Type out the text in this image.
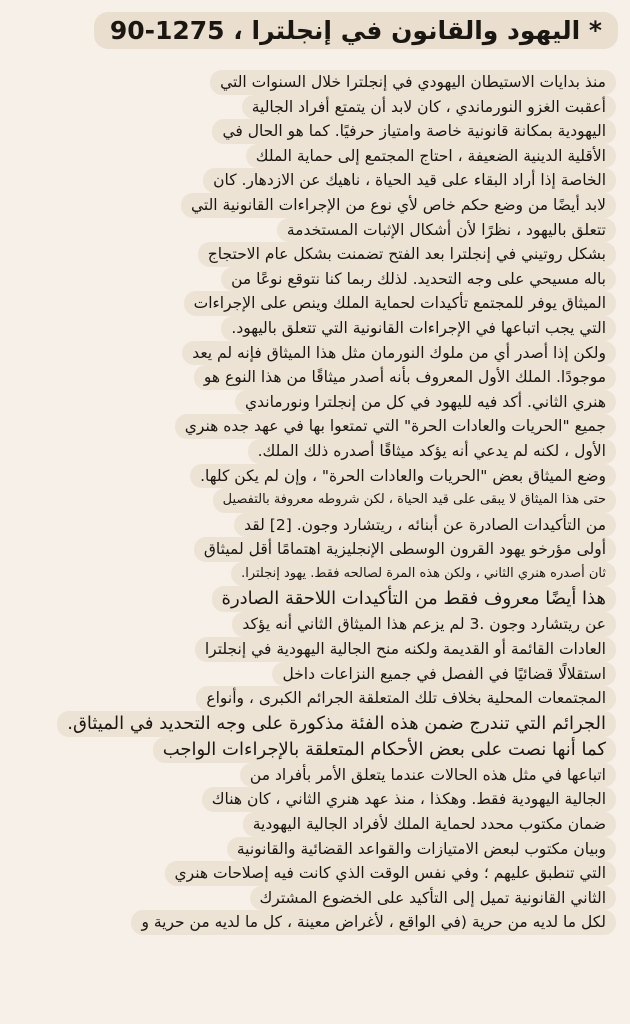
* اليهود والقانون في إنجلترا ، 1275-90
منذ بدايات الاستيطان اليهودي في إنجلترا خلال السنوات التي
أعقبت الغزو النورماندي ، كان لابد أن يتمتع أفراد الجالية
اليهودية بمكانة قانونية خاصة وامتياز حرفيًا. كما هو الحال في
الأقلية الدينية الضعيفة ، احتاج المجتمع إلى حماية الملك
الخاصة إذا أراد البقاء على قيد الحياة ، ناهيك عن الازدهار. كان
لابد أيضًا من وضع حكم خاص لأي نوع من الإجراءات القانونية التي
تتعلق باليهود ، نظرًا لأن أشكال الإثبات المستخدمة
بشكل روتيني في إنجلترا بعد الفتح تضمنت بشكل عام الاحتجاج
باله مسيحي على وجه التحديد. لذلك ربما كنا نتوقع نوعًا من
الميثاق يوفر للمجتمع تأكيدات لحماية الملك وينص على الإجراءات
التي يجب اتباعها في الإجراءات القانونية التي تتعلق باليهود.
ولكن إذا أصدر أي من ملوك النورمان مثل هذا الميثاق فإنه لم يعد
موجودًا. الملك الأول المعروف بأنه أصدر ميثاقًا من هذا النوع هو
هنري الثاني. أكد فيه لليهود في كل من إنجلترا ونورماندي
جميع "الحريات والعادات الحرة" التي تمتعوا بها في عهد جده هنري
الأول ، لكنه لم يدعي أنه يؤكد ميثاقًا أصدره ذلك الملك.
وضع الميثاق بعض "الحريات والعادات الحرة" ، وإن لم يكن كلها.
حتى هذا الميثاق لا يبقى على قيد الحياة ، لكن شروطه معروفة بالتفصيل
من التأكيدات الصادرة عن أبنائه ، ريتشارد وجون. [2] لقد
أولى مؤرخو يهود القرون الوسطى الإنجليزية اهتمامًا أقل لميثاق
ثان أصدره هنري الثاني ، ولكن هذه المرة لصالحه فقط. يهود إنجلترا.
هذا أيضًا معروف فقط من التأكيدات اللاحقة الصادرة
عن ريتشارد وجون .3 لم يزعم هذا الميثاق الثاني أنه يؤكد
العادات القائمة أو القديمة ولكنه منح الجالية اليهودية في إنجلترا
استقلالًا قضائيًا في الفصل في جميع النزاعات داخل
المجتمعات المحلية بخلاف تلك المتعلقة الجرائم الكبرى ، وأنواع
الجرائم التي تندرج ضمن هذه الفئة مذكورة على وجه التحديد في الميثاق.
كما أنها نصت على بعض الأحكام المتعلقة بالإجراءات الواجب
اتباعها في مثل هذه الحالات عندما يتعلق الأمر بأفراد من
الجالية اليهودية فقط. وهكذا ، منذ عهد هنري الثاني ، كان هناك
ضمان مكتوب محدد لحماية الملك لأفراد الجالية اليهودية
وبيان مكتوب لبعض الامتيازات والقواعد القضائية والقانونية
التي تنطبق عليهم ؛ وفي نفس الوقت الذي كانت فيه إصلاحات هنري
الثاني القانونية تميل إلى التأكيد على الخضوع المشترك
لكل ما لديه من حرية (في الواقع ، لأغراض معينة ، كل ما لديه من حرية و
